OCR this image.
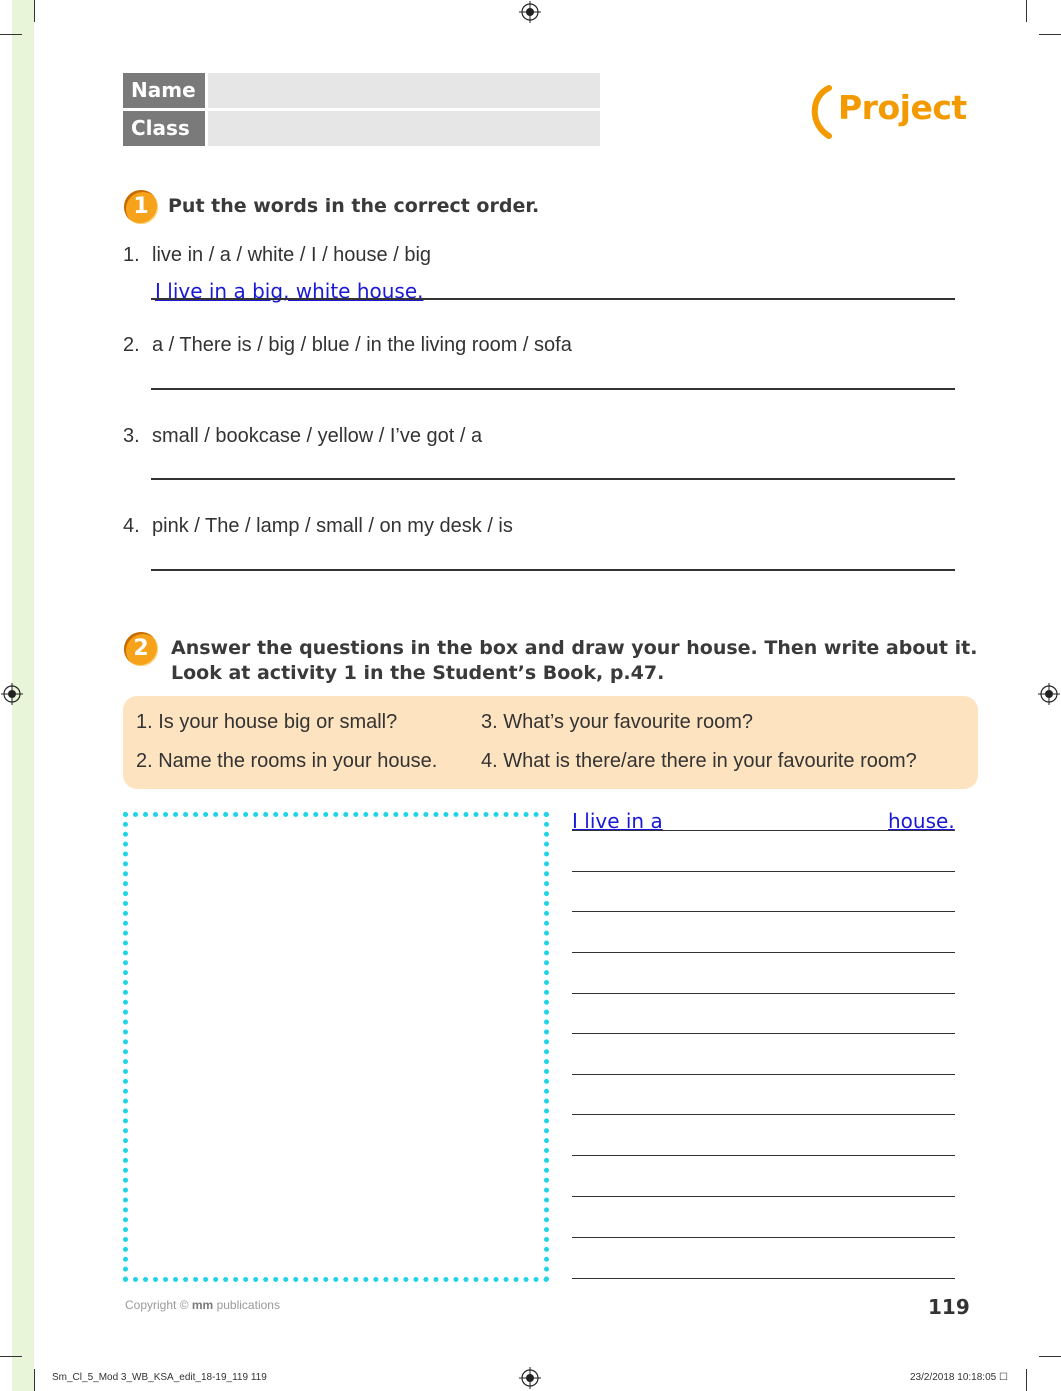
Name
Class
Project
1	Put the words in the correct order.
1. live in / a / white / I / house / big
I live in a big, white house.
2. a / There is / big / blue / in the living room / sofa
3. small / bookcase / yellow / I’ve got / a
4. pink / The / lamp / small / on my desk / is
2	Answer the questions in the box and draw your house. Then write about it.
Look at activity 1 in the Student’s Book, p.47.
1. Is your house big or small?	3. What’s your favourite room?
2. Name the rooms in your house. 4. What is there/are there in your favourite room?
I live in a	house.
Copyright © mm publications	119
Sm_Cl_5_Mod 3_WB_KSA_edit_18-19_119 119	23/2/2018 10:18:05 ☐
